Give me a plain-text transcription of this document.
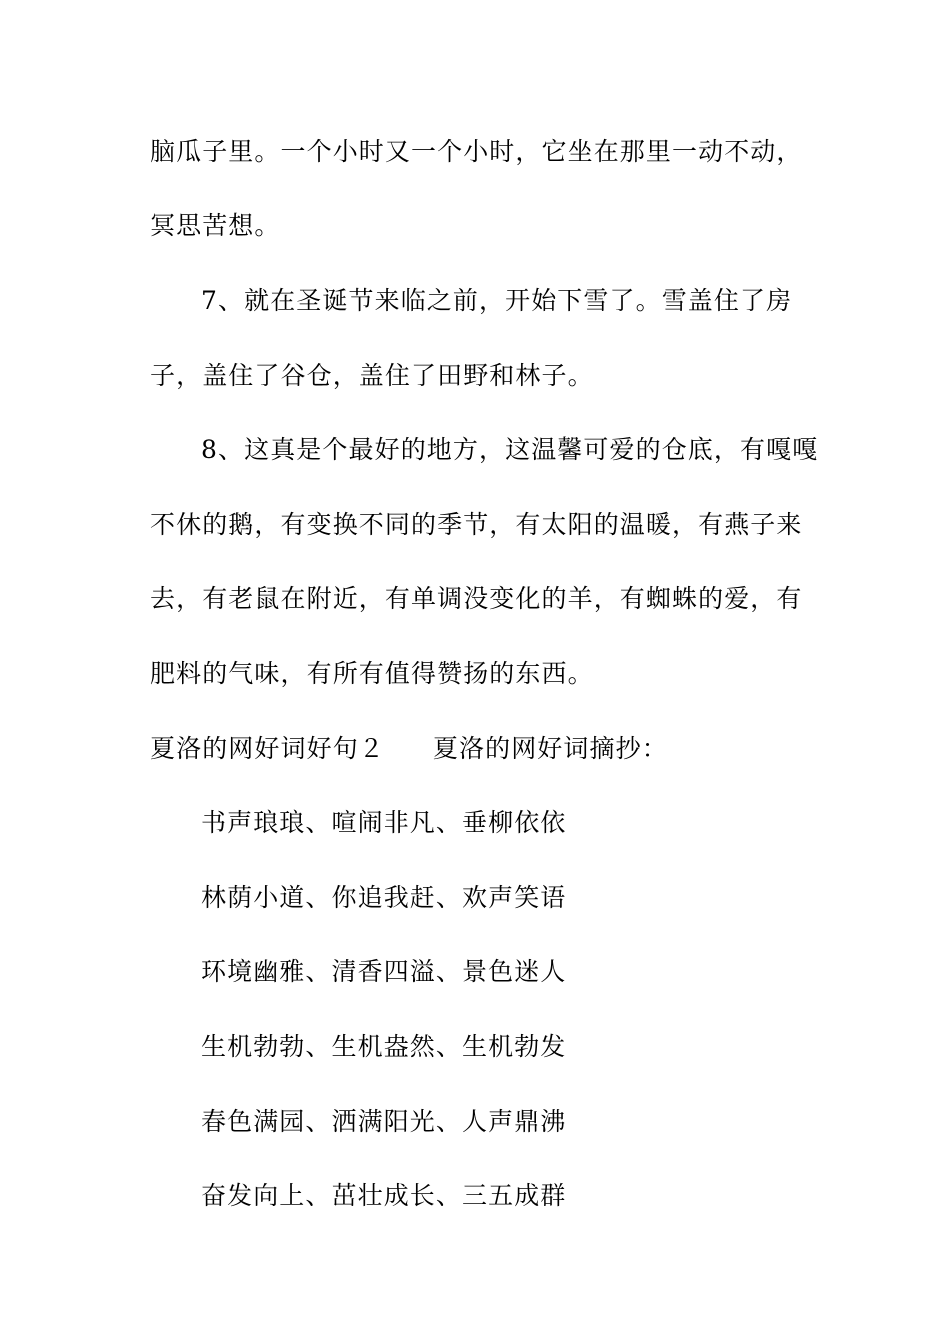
脑瓜子里。一个小时又一个小时，它坐在那里一动不动，
冥思苦想。
7、就在圣诞节来临之前，开始下雪了。雪盖住了房
子，盖住了谷仓，盖住了田野和林子。
8、这真是个最好的地方，这温馨可爱的仓底，有嘎嘎
不休的鹅，有变换不同的季节，有太阳的温暖，有燕子来
去，有老鼠在附近，有单调没变化的羊，有蜘蛛的爱，有
肥料的气味，有所有值得赞扬的东西。
夏洛的网好词好句２ 夏洛的网好词摘抄：
书声琅琅、喧闹非凡、垂柳依依
林荫小道、你追我赶、欢声笑语
环境幽雅、清香四溢、景色迷人
生机勃勃、生机盎然、生机勃发
春色满园、洒满阳光、人声鼎沸
奋发向上、茁壮成长、三五成群
